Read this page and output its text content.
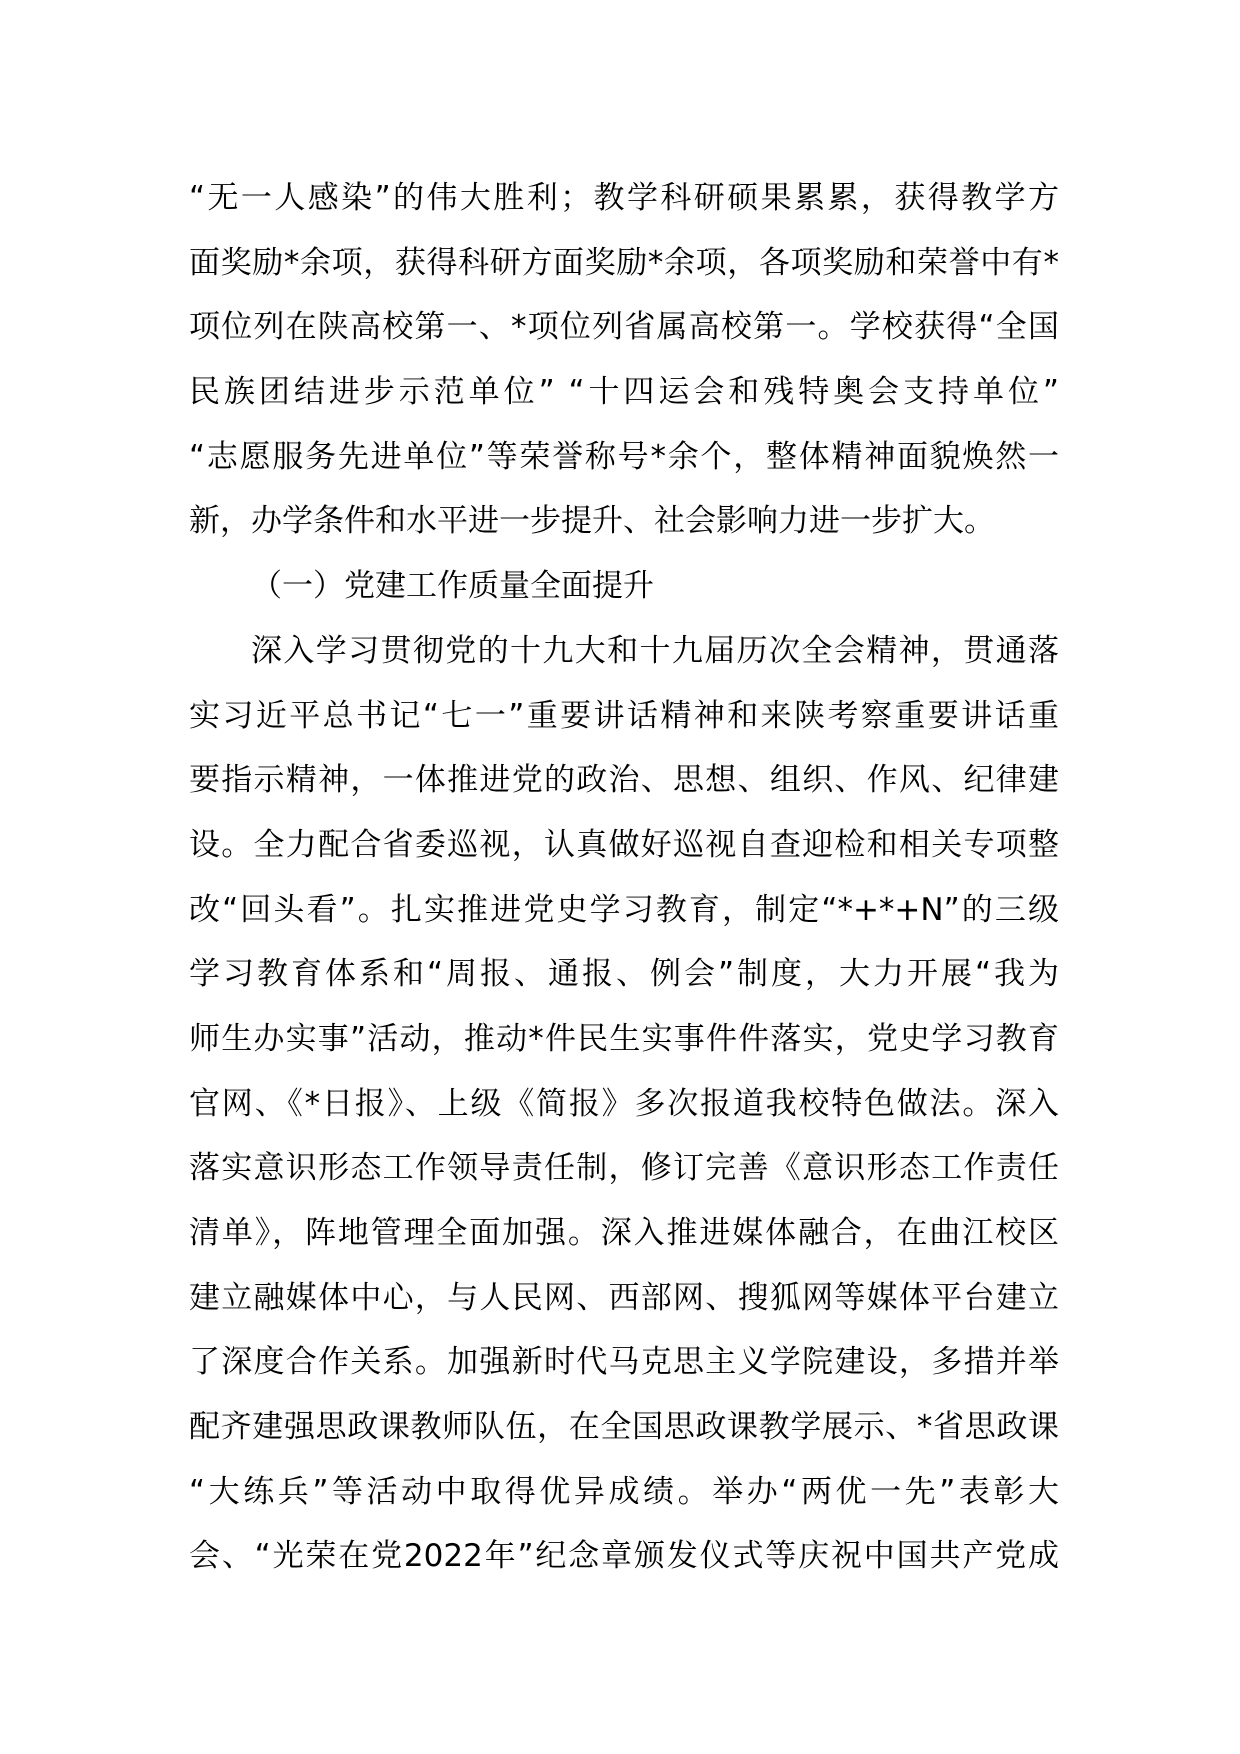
“无一人感染”的伟大胜利；教学科研硕果累累，获得教学方
面奖励*余项，获得科研方面奖励*余项，各项奖励和荣誉中有*
项位列在陕高校第一、*项位列省属高校第一。学校获得“全国
民族团结进步示范单位” “十四运会和残特奥会支持单位”
“志愿服务先进单位”等荣誉称号*余个，整体精神面貌焕然一
新，办学条件和水平进一步提升、社会影响力进一步扩大。
（一）党建工作质量全面提升
深入学习贯彻党的十九大和十九届历次全会精神，贯通落
实习近平总书记“七一”重要讲话精神和来陕考察重要讲话重
要指示精神，一体推进党的政治、思想、组织、作风、纪律建
设。全力配合省委巡视，认真做好巡视自查迎检和相关专项整
改“回头看”。扎实推进党史学习教育，制定“*+*+N”的三级
学习教育体系和“周报、通报、例会”制度，大力开展“我为
师生办实事”活动，推动*件民生实事件件落实，党史学习教育
官网、《*日报》、上级《简报》多次报道我校特色做法。深入
落实意识形态工作领导责任制，修订完善《意识形态工作责任
清单》，阵地管理全面加强。深入推进媒体融合，在曲江校区
建立融媒体中心，与人民网、西部网、搜狐网等媒体平台建立
了深度合作关系。加强新时代马克思主义学院建设，多措并举
配齐建强思政课教师队伍，在全国思政课教学展示、*省思政课
“大练兵”等活动中取得优异成绩。举办“两优一先”表彰大
会、“光荣在党2022年”纪念章颁发仪式等庆祝中国共产党成
